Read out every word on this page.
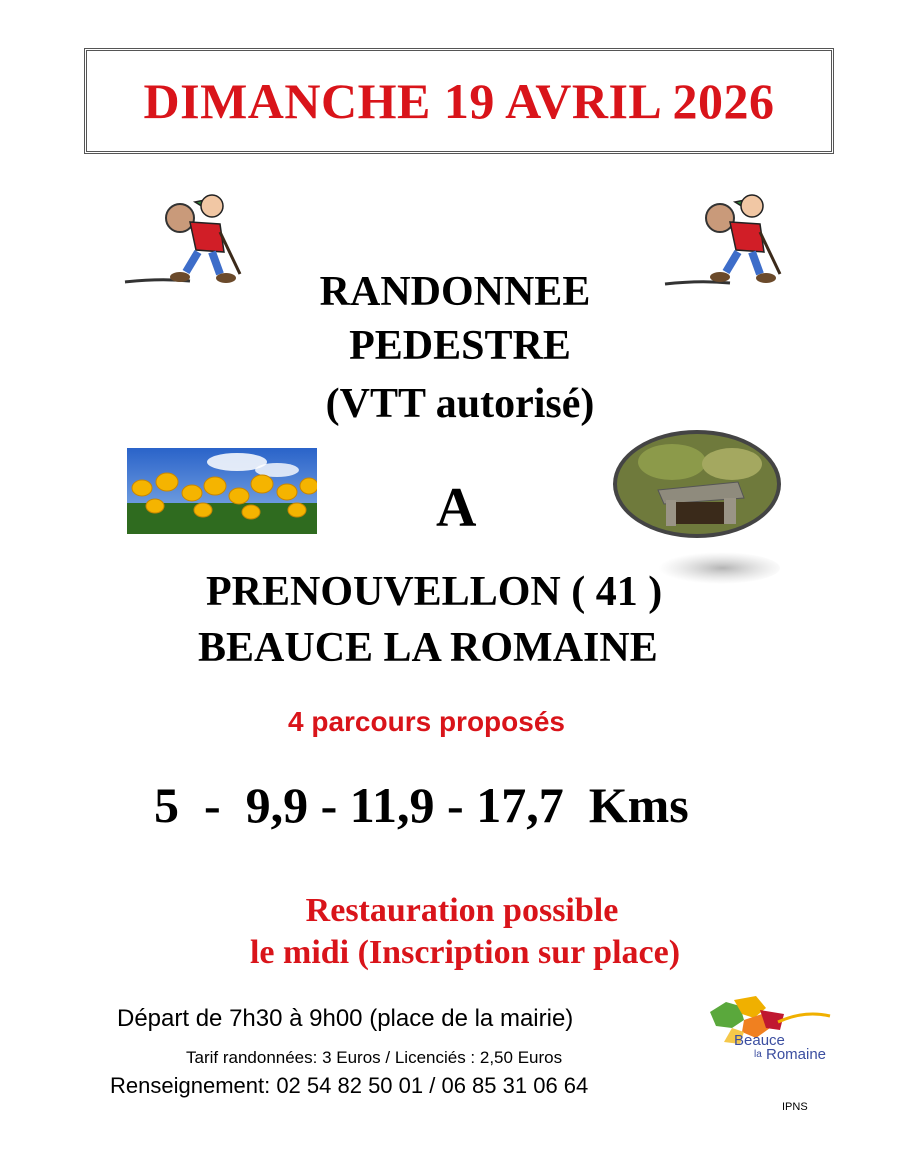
DIMANCHE 19 AVRIL 2026
RANDONNEE
PEDESTRE
(VTT autorisé)
A
PRENOUVELLON ( 41 )
BEAUCE LA ROMAINE
4 parcours proposés
5  -  9,9 - 11,9 - 17,7  Kms
Restauration possible
le midi (Inscription sur place)
Départ de 7h30 à 9h00 (place de la mairie)
Tarif randonnées: 3 Euros / Licenciés : 2,50 Euros
Renseignement: 02 54 82 50 01 / 06 85 31 06 64
Beauce
la Romaine
IPNS
